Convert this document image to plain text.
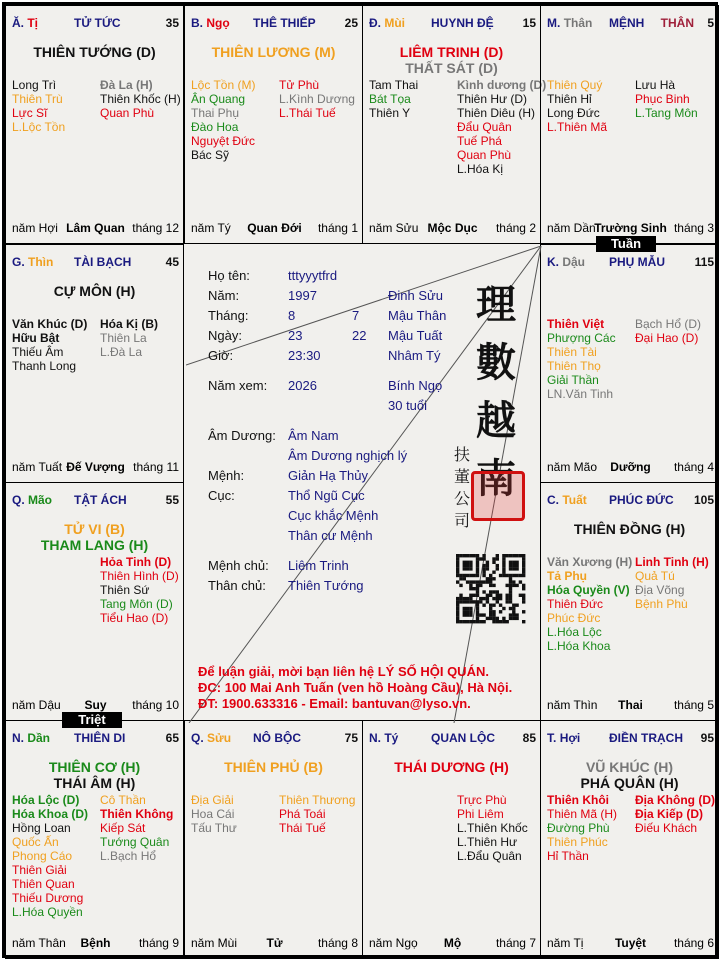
Ă. Tị	TỬ TỨC	35
THIÊN TƯỚNG (D)
Long Trì
Thiên Trù
Lực Sĩ
L.Lộc Tồn
Đà La (H)
Thiên Khốc (H)
Quan Phù
năm Hợi Lâm Quan tháng 12
B. Ngọ THÊ THIẾP 25
THIÊN LƯƠNG (M)
Lộc Tồn (M)
Ân Quang
Thai Phụ
Đào Hoa
Nguyệt Đức
Bác Sỹ
Tử Phù
L.Kình Dương
L.Thái Tuế
năm Tý	Quan Đới	tháng 1
Đ. Mùi HUYNH ĐỆ 15
LIÊM TRINH (D)
THẤT SÁT (D)
Tam Thai
Bát Tọa
Thiên Y
Kình dương (D)
Thiên Hư (D)
Thiên Diêu (H)
Đẩu Quân
Tuế Phá
Quan Phù
L.Hóa Kị
năm Sửu Mộc Dục	tháng 2
M. Thân MỆNH THÂN 5
Thiên Quý
Thiên Hỉ
Long Đức
L.Thiên Mã
Lưu Hà
Phục Binh
L.Tang Môn
năm Dần
Trường Sinh tháng 3
G. Thìn TÀI BẠCH	45
CỰ MÔN (H)
Văn Khúc (D)
Hữu Bật
Thiếu Âm
Thanh Long
Hóa Kị (B)
Thiên La
L.Đà La
năm Tuất Đế Vượng tháng 11
K. Dậu PHỤ MẪU 115
Thiên Việt
Phượng Các
Thiên Tài
Thiên Thọ
Giải Thần
LN.Văn Tinh
Bạch Hổ (D)
Đại Hao (D)
năm Mão	Dưỡng	tháng 4
Q. Mão TẬT ÁCH	55
TỬ VI (B)
THAM LANG (H)
Hỏa Tinh (D)
Thiên Hình (D)
Thiên Sứ
Tang Môn (D)
Tiểu Hao (D)
năm Dậu	Suy	tháng 10
C. Tuất PHÚC ĐỨC 105
THIÊN ĐỒNG (H)
Văn Xương (H)
Tả Phụ
Hóa Quyền (V)
Thiên Đức
Phúc Đức
L.Hóa Lộc
L.Hóa Khoa
Linh Tinh (H)
Quả Tú
Địa Võng
Bệnh Phù
năm Thìn	Thai	tháng 5
N. Dần THIÊN DI	65
THIÊN CƠ (H)
THÁI ÂM (H)
Hóa Lộc (D)
Hóa Khoa (D)
Hồng Loan
Quốc Ấn
Phong Cáo
Thiên Giải
Thiên Quan
Thiếu Dương
L.Hóa Quyền
Cô Thần
Thiên Không
Kiếp Sát
Tướng Quân
L.Bạch Hổ
năm Thân	Bệnh	tháng 9
Q. Sửu NÔ BỘC	75
THIÊN PHỦ (B)
Địa Giải
Hoa Cái
Tấu Thư
Thiên Thương
Phá Toái
Thái Tuế
năm Mùi	Tử	tháng 8
N. Tý	QUAN LỘC 85
THÁI DƯƠNG (H)
Trực Phù
Phi Liêm
L.Thiên Khốc
L.Thiên Hư
L.Đẩu Quân
năm Ngọ	Mộ	tháng 7
T. Hợi ĐIỀN TRẠCH 95
VŨ KHÚC (H)
PHÁ QUÂN (H)
Thiên Khôi
Thiên Mã (H)
Đường Phù
Thiên Phúc
Hỉ Thần
Địa Không (D)
Địa Kiếp (D)
Điếu Khách
năm Tị	Tuyệt	tháng 6
Họ tên:	tttyyytfrd
Năm:	1997	Đinh Sửu
Tháng:	8	7 Mậu Thân
Ngày:	23	22 Mậu Tuất
Giờ:	23:30	Nhâm Tý
Năm xem: 2026	Bính Ngọ
30 tuổi
Âm Dương: Âm Nam
Âm Dương nghịch lý
Mệnh:	Giản Hạ Thủy
Cục:	Thổ Ngũ Cục
Cục khắc Mệnh
Thân cư Mệnh
Mệnh chủ: Liêm Trinh
Thân chủ: Thiên Tướng
理
數
越
南
扶
董
公
司
Để luận giải, mời bạn liên hệ LÝ SỐ HỘI QUÁN.
ĐC: 100 Mai Anh Tuấn (ven hồ Hoàng Cầu), Hà Nội.
ĐT: 1900.633316 - Email: bantuvan@lyso.vn.
Tuần
Triệt
